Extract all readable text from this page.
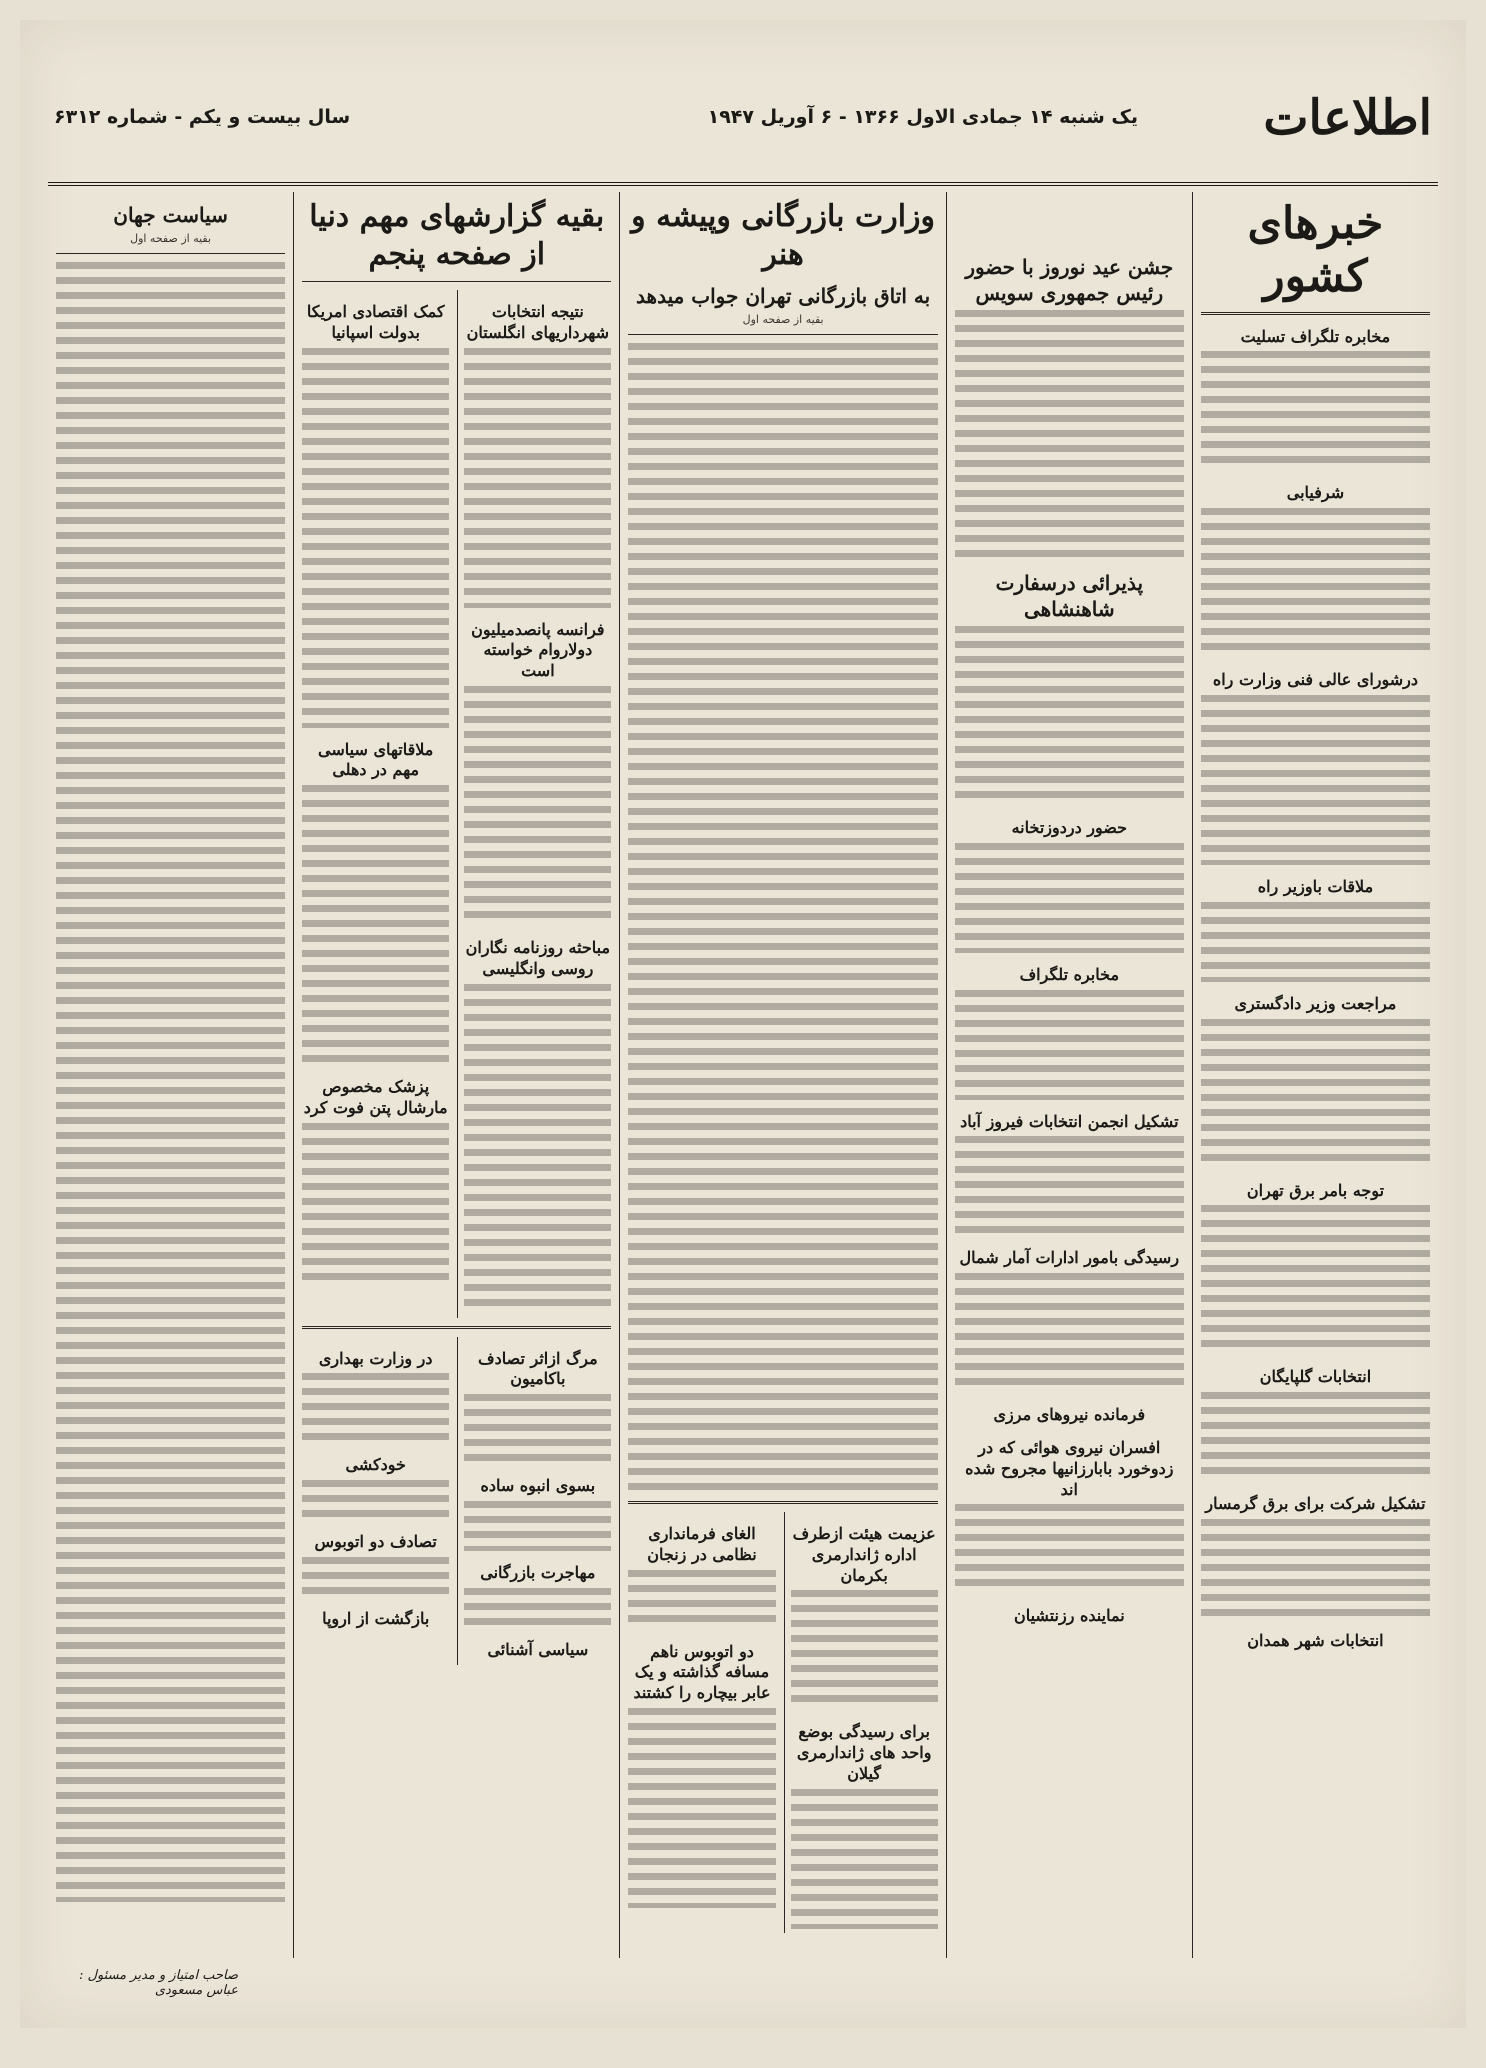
اطلاعات
یک شنبه ۱۴ جمادی الاول ۱۳۶۶ - ۶ آوریل ۱۹۴۷
سال بیست و یکم - شماره ۶۳۱۲
خبرهای کشور
مخابره تلگراف تسلیت
شرفیابی
درشورای عالی فنی وزارت راه
ملاقات باوزیر راه
مراجعت وزیر دادگستری
توجه بامر برق تهران
انتخابات گلپایگان
تشکیل شرکت برای برق گرمسار
انتخابات شهر همدان
جشن عید نوروز با حضور رئیس جمهوری سویس
پذیرائی درسفارت شاهنشاهی
حضور دردوزتخانه
مخابره تلگراف
تشکیل انجمن انتخابات فیروز آباد
رسیدگی بامور ادارات آمار شمال
فرمانده نیروهای مرزی
افسران نیروی هوائی که در زدوخورد بابارزانیها مجروح شده اند
نماینده رزنتشیان
وزارت بازرگانی وپیشه و هنر
به اتاق بازرگانی تهران جواب میدهد
بقیه از صفحه اول
عزیمت هیئت ازطرف اداره ژاندارمری بکرمان
برای رسیدگی بوضع واحد های ژاندارمری گیلان
الغای فرمانداری نظامی در زنجان
دو اتوبوس ناهم مسافه گذاشته و یک عابر بیچاره را کشتند
بقیه گزارشهای مهم دنیا از صفحه پنجم
نتیجه انتخابات شهرداریهای انگلستان
فرانسه پانصدمیلیون دولاروام خواسته است
مباحثه روزنامه نگاران روسی وانگلیسی
کمک اقتصادی امریکا بدولت اسپانیا
ملاقاتهای سیاسی مهم در دهلی
پزشک مخصوص مارشال پتن فوت کرد
مرگ ازاثر تصادف باکامیون
بسوی انبوه ساده
مهاجرت بازرگانی
سیاسی آشنائی
در وزارت بهداری
خودکشی
تصادف دو اتوبوس
بازگشت از اروپا
سیاست جهان
بقیه از صفحه اول
صاحب امتیاز و مدیر مسئول : عباس مسعودی
